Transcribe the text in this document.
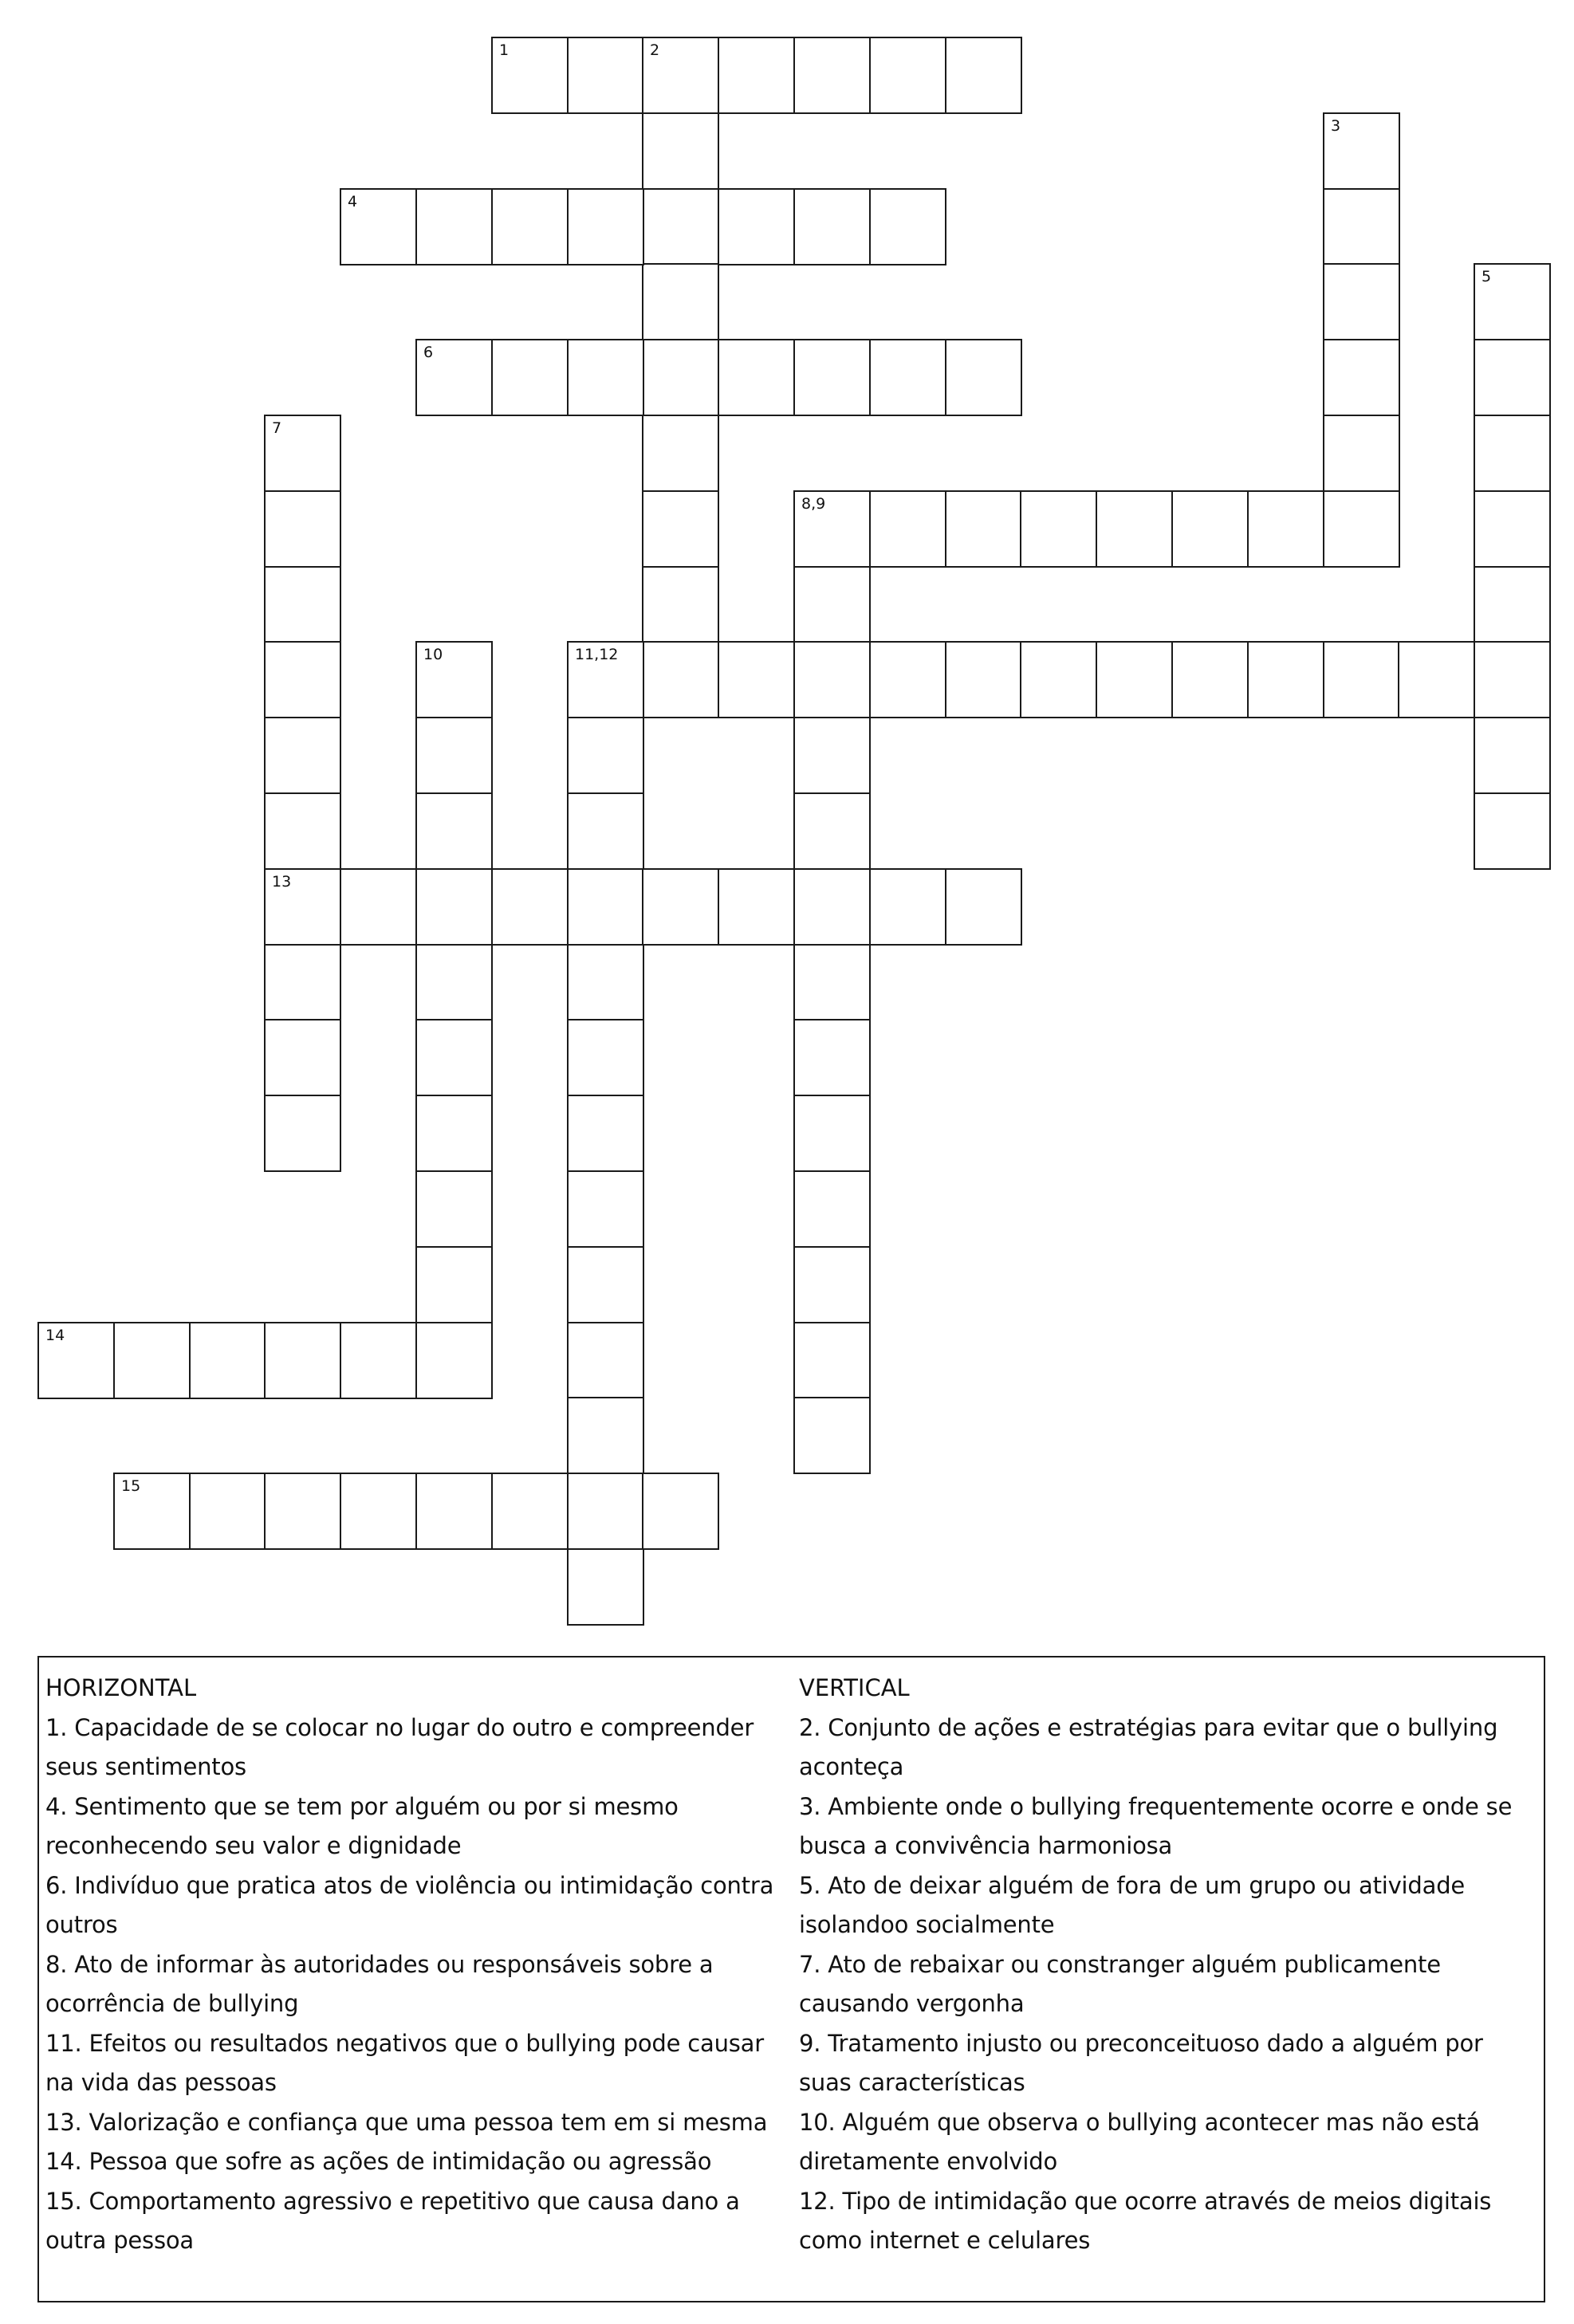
1	2
3
4
5
6
7
13
8,9
10	11,12
14
15
HORIZONTAL
1. Capacidade de se colocar no lugar do outro e compreender seus sentimentos
4. Sentimento que se tem por alguém ou por si mesmo reconhecendo seu valor e dignidade
6. Indivíduo que pratica atos de violência ou intimidação contra outros
8. Ato de informar às autoridades ou responsáveis sobre a ocorrência de bullying
11. Efeitos ou resultados negativos que o bullying pode causar na vida das pessoas
13. Valorização e confiança que uma pessoa tem em si mesma
14. Pessoa que sofre as ações de intimidação ou agressão
15. Comportamento agressivo e repetitivo que causa dano a outra pessoa
VERTICAL
2. Conjunto de ações e estratégias para evitar que o bullying aconteça
3. Ambiente onde o bullying frequentemente ocorre e onde se busca a convivência harmoniosa
5. Ato de deixar alguém de fora de um grupo ou atividade isolandoo socialmente
7. Ato de rebaixar ou constranger alguém publicamente causando vergonha
9. Tratamento injusto ou preconceituoso dado a alguém por suas características
10. Alguém que observa o bullying acontecer mas não está diretamente envolvido
12. Tipo de intimidação que ocorre através de meios digitais como internet e celulares
